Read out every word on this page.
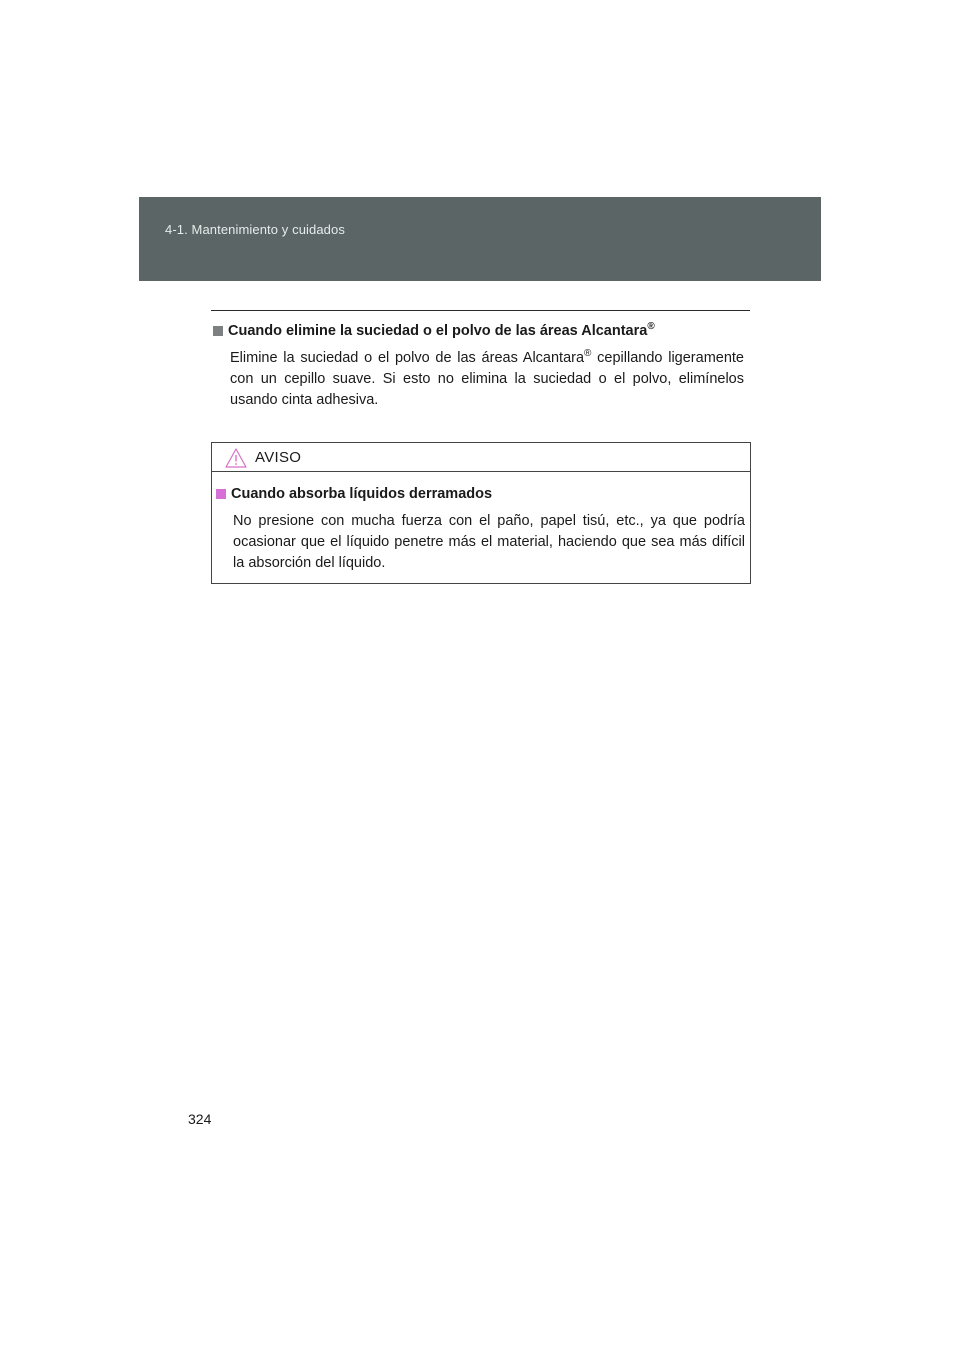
4-1. Mantenimiento y cuidados
Cuando elimine la suciedad o el polvo de las áreas Alcantara®
Elimine la suciedad o el polvo de las áreas Alcantara® cepillando ligeramente con un cepillo suave. Si esto no elimina la suciedad o el polvo, elimínelos usando cinta adhesiva.
AVISO
Cuando absorba líquidos derramados
No presione con mucha fuerza con el paño, papel tisú, etc., ya que podría ocasionar que el líquido penetre más el material, haciendo que sea más difícil la absorción del líquido.
324
